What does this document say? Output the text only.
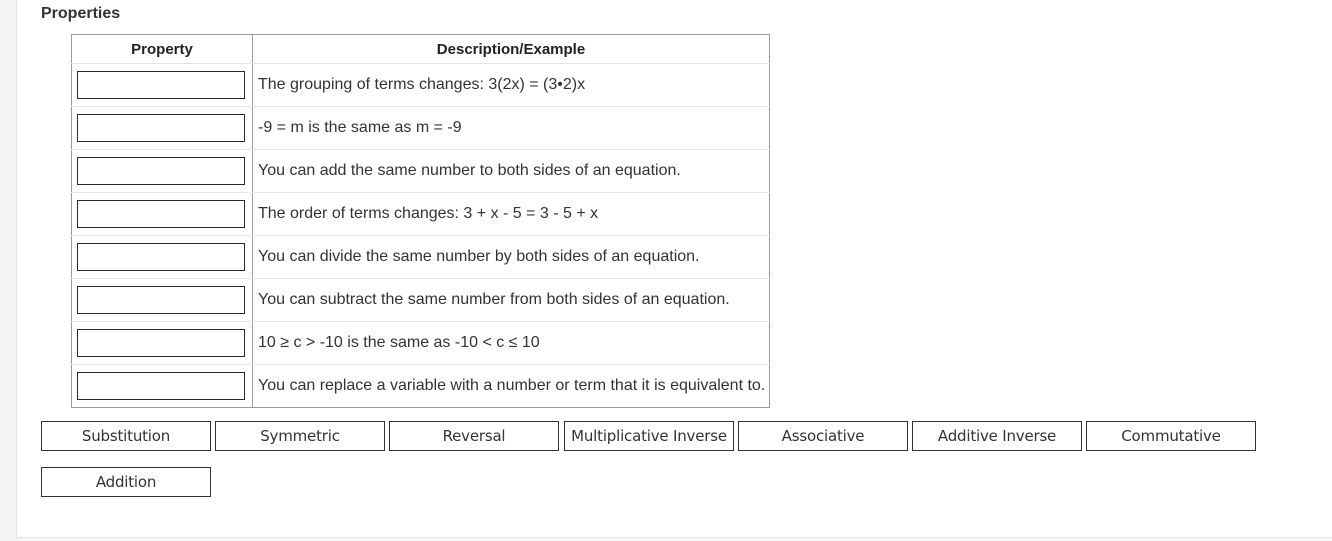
Properties
Property	Description/Example

	The grouping of terms changes: 3(2x) = (3•2)x

	-9 = m is the same as m = -9

	You can add the same number to both sides of an equation.

	The order of terms changes: 3 + x - 5 = 3 - 5 + x

	You can divide the same number by both sides of an equation.

	You can subtract the same number from both sides of an equation.

	10 ≥ c > -10 is the same as -10 < c ≤ 10

	You can replace a variable with a number or term that it is equivalent to.
Substitution	Symmetric	Reversal	Multiplicative Inverse	Associative	Additive Inverse	Commutative
Addition
